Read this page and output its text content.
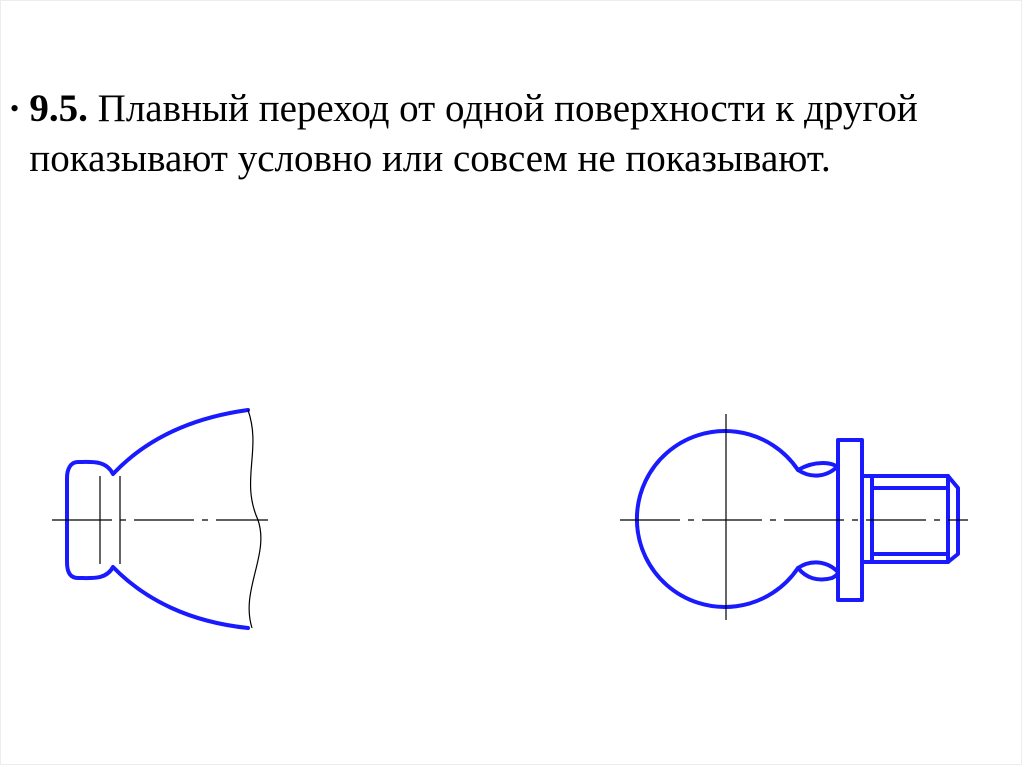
• 9.5. Плавный переход от одной поверхности к другой показывают условно или совсем не показывают.
